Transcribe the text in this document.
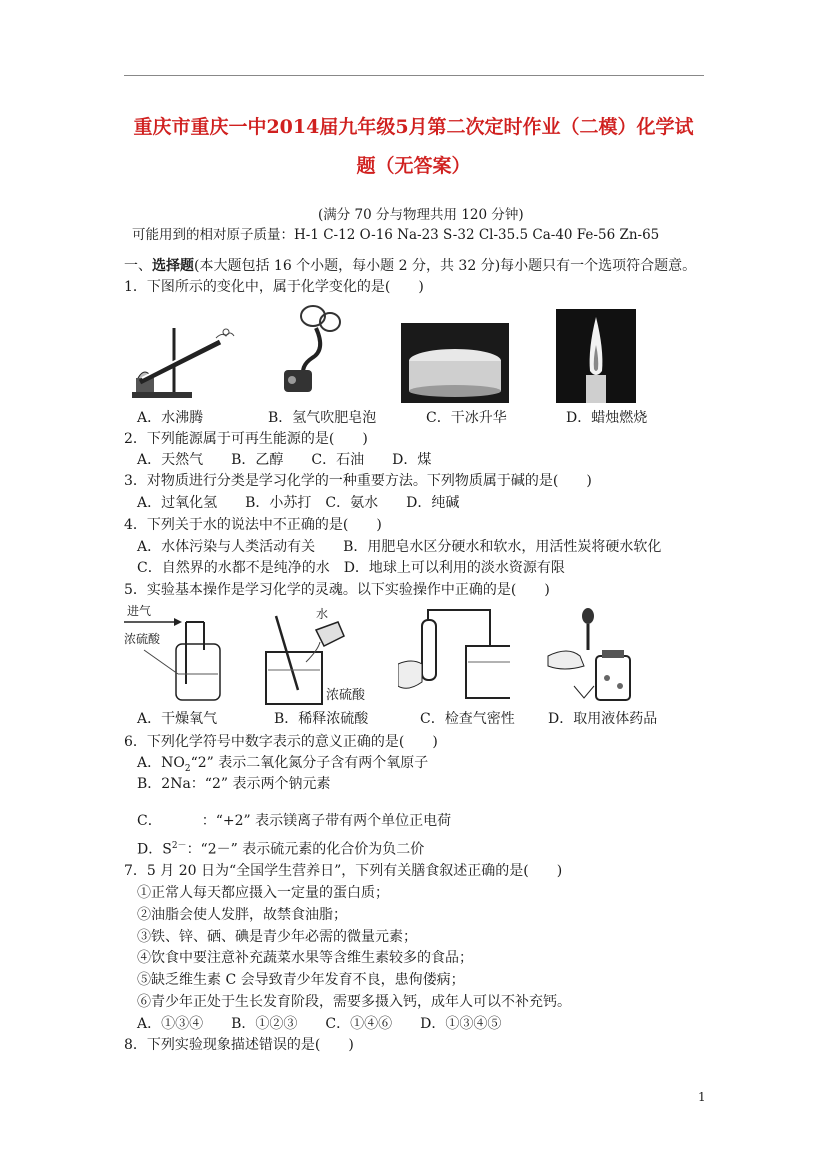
重庆市重庆一中2014届九年级5月第二次定时作业（二模）化学试
题（无答案）
(满分 70 分与物理共用 120 分钟)
可能用到的相对原子质量：H-1 C-12 O-16 Na-23 S-32 Cl-35.5 Ca-40 Fe-56 Zn-65
一、选择题(本大题包括 16 个小题，每小题 2 分，共 32 分)每小题只有一个选项符合题意。
1．下图所示的变化中，属于化学变化的是(　　)
A．水沸腾	B．氢气吹肥皂泡	C．干冰升华	D．蜡烛燃烧
2．下列能源属于可再生能源的是(　　)
A．天然气　　B．乙醇　　C．石油　　D．煤
3．对物质进行分类是学习化学的一种重要方法。下列物质属于碱的是(　　)
A．过氧化氢　　B．小苏打　C．氨水　　D．纯碱
4．下列关于水的说法中不正确的是(　　)
A．水体污染与人类活动有关　　B．用肥皂水区分硬水和软水，用活性炭将硬水软化
C．自然界的水都不是纯净的水　D．地球上可以利用的淡水资源有限
5．实验基本操作是学习化学的灵魂。以下实验操作中正确的是(　　)
进气
浓硫酸
水
浓硫酸
A．干燥氧气	B．稀释浓硫酸	C．检查气密性 D．取用液体药品
6．下列化学符号中数字表示的意义正确的是(　　)
A．$NO_2“2$” 表示二氧化氮分子含有两个氧原子
B．2Na：“2” 表示两个钠元素
C．	：“+2” 表示镁离子带有两个单位正电荷
D．$S^{2-}$：“2－” 表示硫元素的化合价为负二价
7．5 月 20 日为“全国学生营养日”，下列有关膳食叙述正确的是(　　)
①正常人每天都应摄入一定量的蛋白质；
②油脂会使人发胖，故禁食油脂；
③铁、锌、硒、碘是青少年必需的微量元素；
④饮食中要注意补充蔬菜水果等含维生素较多的食品；
⑤缺乏维生素 C 会导致青少年发育不良，患佝偻病；
⑥青少年正处于生长发育阶段，需要多摄入钙，成年人可以不补充钙。
A．①③④　　B．①②③　　C．①④⑥　　D．①③④⑤
8．下列实验现象描述错误的是(　　)
1
